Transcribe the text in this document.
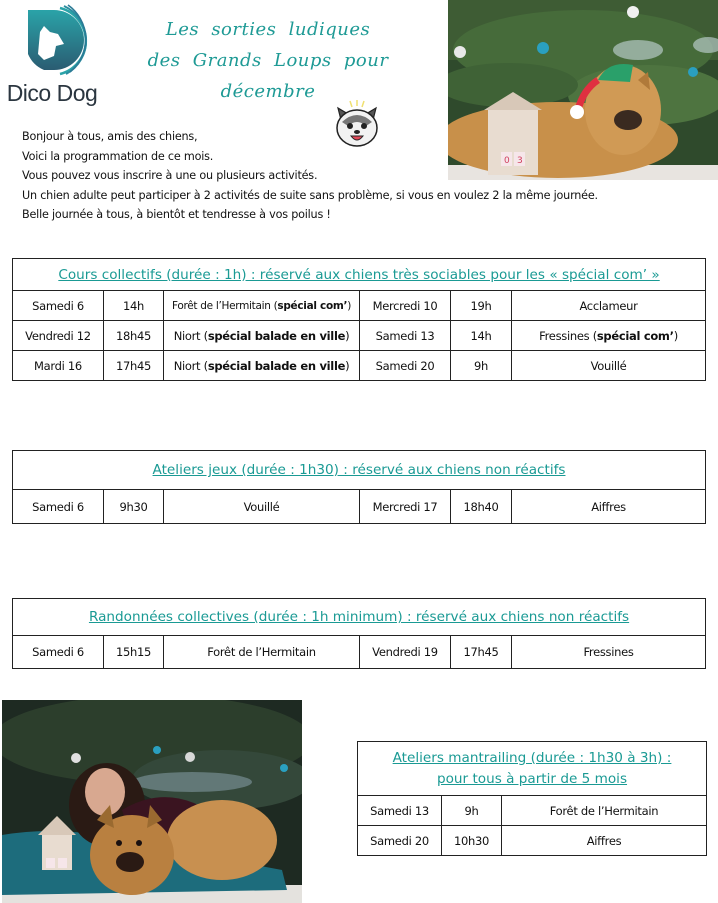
Dico Dog
Les sorties ludiques
des Grands Loups pour décembre
0 3

Bonjour à tous, amis des chiens,

Voici la programmation de ce mois.

Vous pouvez vous inscrire à une ou plusieurs activités.

Un chien adulte peut participer à 2 activités de suite sans problème, si vous en voulez 2 la même journée.

Belle journée à tous, à bientôt et tendresse à vos poilus !

Cours collectifs (durée : 1h) : réservé aux chiens très sociables pour les « spécial com’ »					
Samedi 6	14h	Forêt de l’Hermitain (spécial com’)	Mercredi 10	19h	Acclameur
Vendredi 12	18h45	Niort (spécial balade en ville)	Samedi 13	14h	Fressines (spécial com’)
Mardi 16	17h45	Niort (spécial balade en ville)	Samedi 20	9h	Vouillé
Ateliers jeux (durée : 1h30) : réservé aux chiens non réactifs
Samedi 6	9h30	Vouillé	Mercredi 17	18h40	Aiffres
Randonnées collectives (durée : 1h minimum) : réservé aux chiens non réactifs
Samedi 6	15h15	Forêt de l’Hermitain	Vendredi 19	17h45	Fressines
Ateliers mantrailing (durée : 1h30 à 3h) :
pour tous à partir de 5 mois		

Samedi 13	9h	Forêt de l’Hermitain
Samedi 20	10h30	Aiffres
